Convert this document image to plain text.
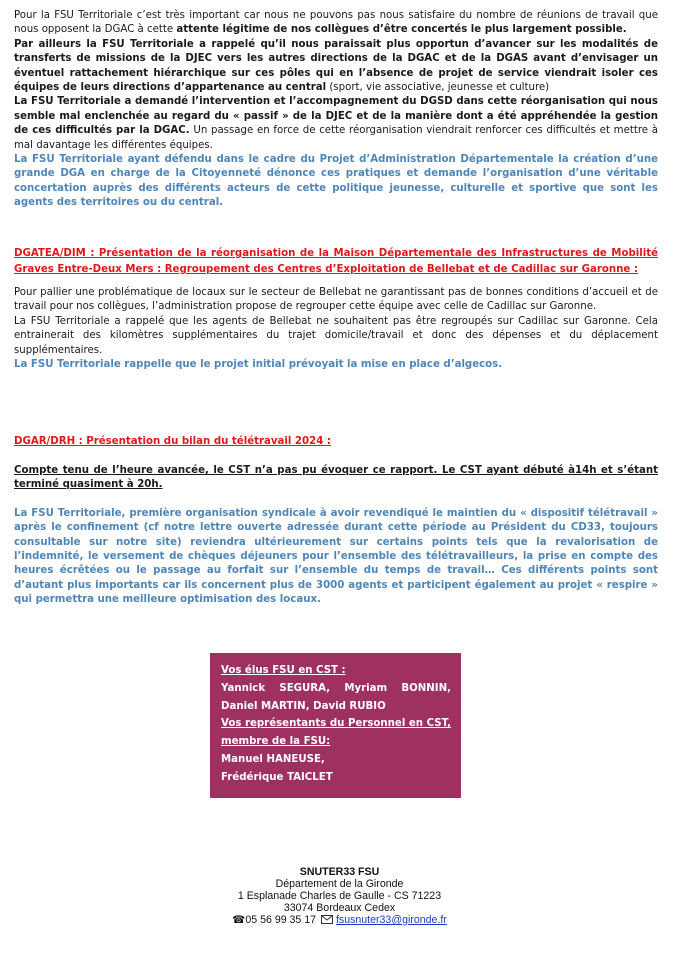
Pour la FSU Territoriale c’est très important car nous ne pouvons pas nous satisfaire du nombre de réunions de travail que nous opposent la DGAC à cette attente légitime de nos collègues d’être concertés le plus largement possible.

Par ailleurs la FSU Territoriale a rappelé qu’il nous paraissait plus opportun d’avancer sur les modalités de transferts de missions de la DJEC vers les autres directions de la DGAC et de la DGAS avant d’envisager un éventuel rattachement hiérarchique sur ces pôles qui en l’absence de projet de service viendrait isoler ces équipes de leurs directions d’appartenance au central (sport, vie associative, jeunesse et culture)

La FSU Territoriale a demandé l’intervention et l’accompagnement du DGSD dans cette réorganisation qui nous semble mal enclenchée au regard du « passif » de la DJEC et de la manière dont a été appréhendée la gestion de ces difficultés par la DGAC. Un passage en force de cette réorganisation viendrait renforcer ces difficultés et mettre à mal davantage les différentes équipes.

La FSU Territoriale ayant défendu dans le cadre du Projet d’Administration Départementale la création d’une grande DGA en charge de la Citoyenneté dénonce ces pratiques et demande l’organisation d’une véritable concertation auprès des différents acteurs de cette politique jeunesse, culturelle et sportive que sont les agents des territoires ou du central.

DGATEA/DIM : Présentation de la réorganisation de la Maison Départementale des Infrastructures de Mobilité Graves Entre-Deux Mers : Regroupement des Centres d’Exploitation de Bellebat et de Cadillac sur Garonne :

Pour pallier une problématique de locaux sur le secteur de Bellebat ne garantissant pas de bonnes conditions d’accueil et de travail pour nos collègues, l’administration propose de regrouper cette équipe avec celle de Cadillac sur Garonne.

La FSU Territoriale a rappelé que les agents de Bellebat ne souhaitent pas être regroupés sur Cadillac sur Garonne. Cela entrainerait des kilomètres supplémentaires du trajet domicile/travail et donc des dépenses et du déplacement supplémentaires.

La FSU Territoriale rappelle que le projet initial prévoyait la mise en place d’algecos.

DGAR/DRH : Présentation du bilan du télétravail 2024 :

Compte tenu de l’heure avancée, le CST n’a pas pu évoquer ce rapport. Le CST ayant débuté à14h et s’étant terminé quasiment à 20h.

La FSU Territoriale, première organisation syndicale à avoir revendiqué le maintien du « dispositif télétravail » après le confinement (cf notre lettre ouverte adressée durant cette période au Président du CD33, toujours consultable sur notre site) reviendra ultérieurement sur certains points tels que la revalorisation de l’indemnité, le versement de chèques déjeuners pour l’ensemble des télétravailleurs, la prise en compte des heures écrêtées ou le passage au forfait sur l’ensemble du temps de travail… Ces différents points sont d’autant plus importants car ils concernent plus de 3000 agents et participent également au projet « respire » qui permettra une meilleure optimisation des locaux.

Vos élus FSU en CST :

Yannick SEGURA, Myriam BONNIN, Daniel MARTIN, David RUBIO

Vos représentants du Personnel en CST, membre de la FSU:

Manuel HANEUSE,

Frédérique TAICLET

SNUTER33 FSU
Département de la Gironde
1 Esplanade Charles de Gaulle - CS 71223
33074 Bordeaux Cedex
☎05 56 99 35 17 fsusnuter33@gironde.fr
